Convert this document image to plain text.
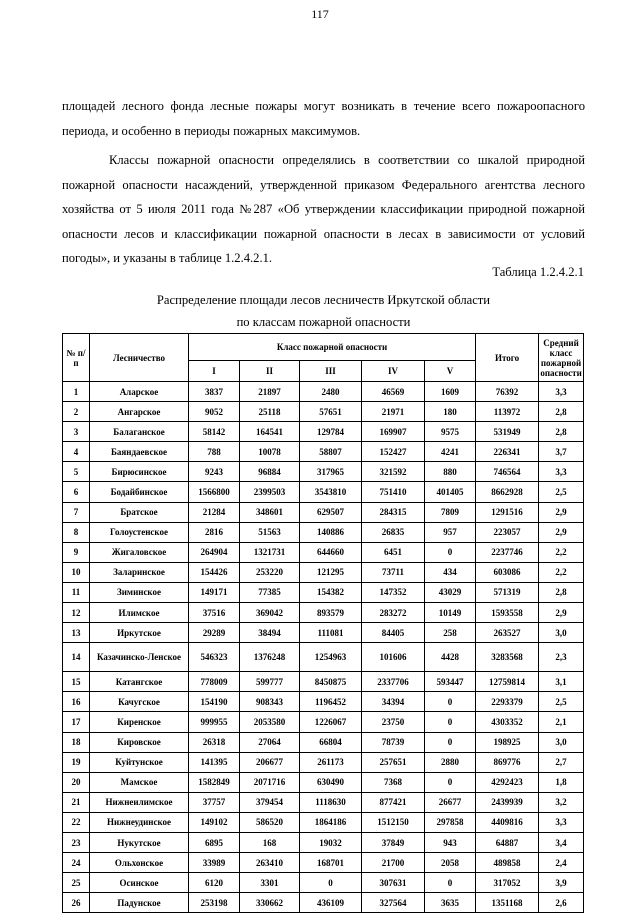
117

площадей лесного фонда лесные пожары могут возникать в течение всего пожароопасного периода, и особенно в периоды пожарных максимумов.

Классы пожарной опасности определялись в соответствии со шкалой природной пожарной опасности насаждений, утвержденной приказом Федерального агентства лесного хозяйства от 5 июля 2011 года №287 «Об утверждении классификации природной пожарной опасности лесов и классификации пожарной опасности в лесах в зависимости от условий погоды», и указаны в таблице 1.2.4.2.1.

Таблица 1.2.4.2.1
Распределение площади лесов лесничеств Иркутской области
по классам пожарной опасности
№ п/п	Лесничество	Класс пожарной опасности					Итого	Средний класс пожарной опасности
		I	II	III	IV	V		
1	Аларское	3837	21897	2480	46569	1609	76392	3,3
2	Ангарское	9052	25118	57651	21971	180	113972	2,8
3	Балаганское	58142	164541	129784	169907	9575	531949	2,8
4	Баяндаевское	788	10078	58807	152427	4241	226341	3,7
5	Бирюсинское	9243	96884	317965	321592	880	746564	3,3
6	Бодайбинское	1566800	2399503	3543810	751410	401405	8662928	2,5
7	Братское	21284	348601	629507	284315	7809	1291516	2,9
8	Голоустенское	2816	51563	140886	26835	957	223057	2,9
9	Жигаловское	264904	1321731	644660	6451	0	2237746	2,2
10	Заларинское	154426	253220	121295	73711	434	603086	2,2
11	Зиминское	149171	77385	154382	147352	43029	571319	2,8
12	Илимское	37516	369042	893579	283272	10149	1593558	2,9
13	Иркутское	29289	38494	111081	84405	258	263527	3,0
14	Казачинско-Ленское	546323	1376248	1254963	101606	4428	3283568	2,3
15	Катангское	778009	599777	8450875	2337706	593447	12759814	3,1
16	Качугское	154190	908343	1196452	34394	0	2293379	2,5
17	Киренское	999955	2053580	1226067	23750	0	4303352	2,1
18	Кировское	26318	27064	66804	78739	0	198925	3,0
19	Куйтунское	141395	206677	261173	257651	2880	869776	2,7
20	Мамское	1582849	2071716	630490	7368	0	4292423	1,8
21	Нижнеилимское	37757	379454	1118630	877421	26677	2439939	3,2
22	Нижнеудинское	149102	586520	1864186	1512150	297858	4409816	3,3
23	Нукутское	6895	168	19032	37849	943	64887	3,4
24	Ольхонское	33989	263410	168701	21700	2058	489858	2,4
25	Осинское	6120	3301	0	307631	0	317052	3,9
26	Падунское	253198	330662	436109	327564	3635	1351168	2,6
